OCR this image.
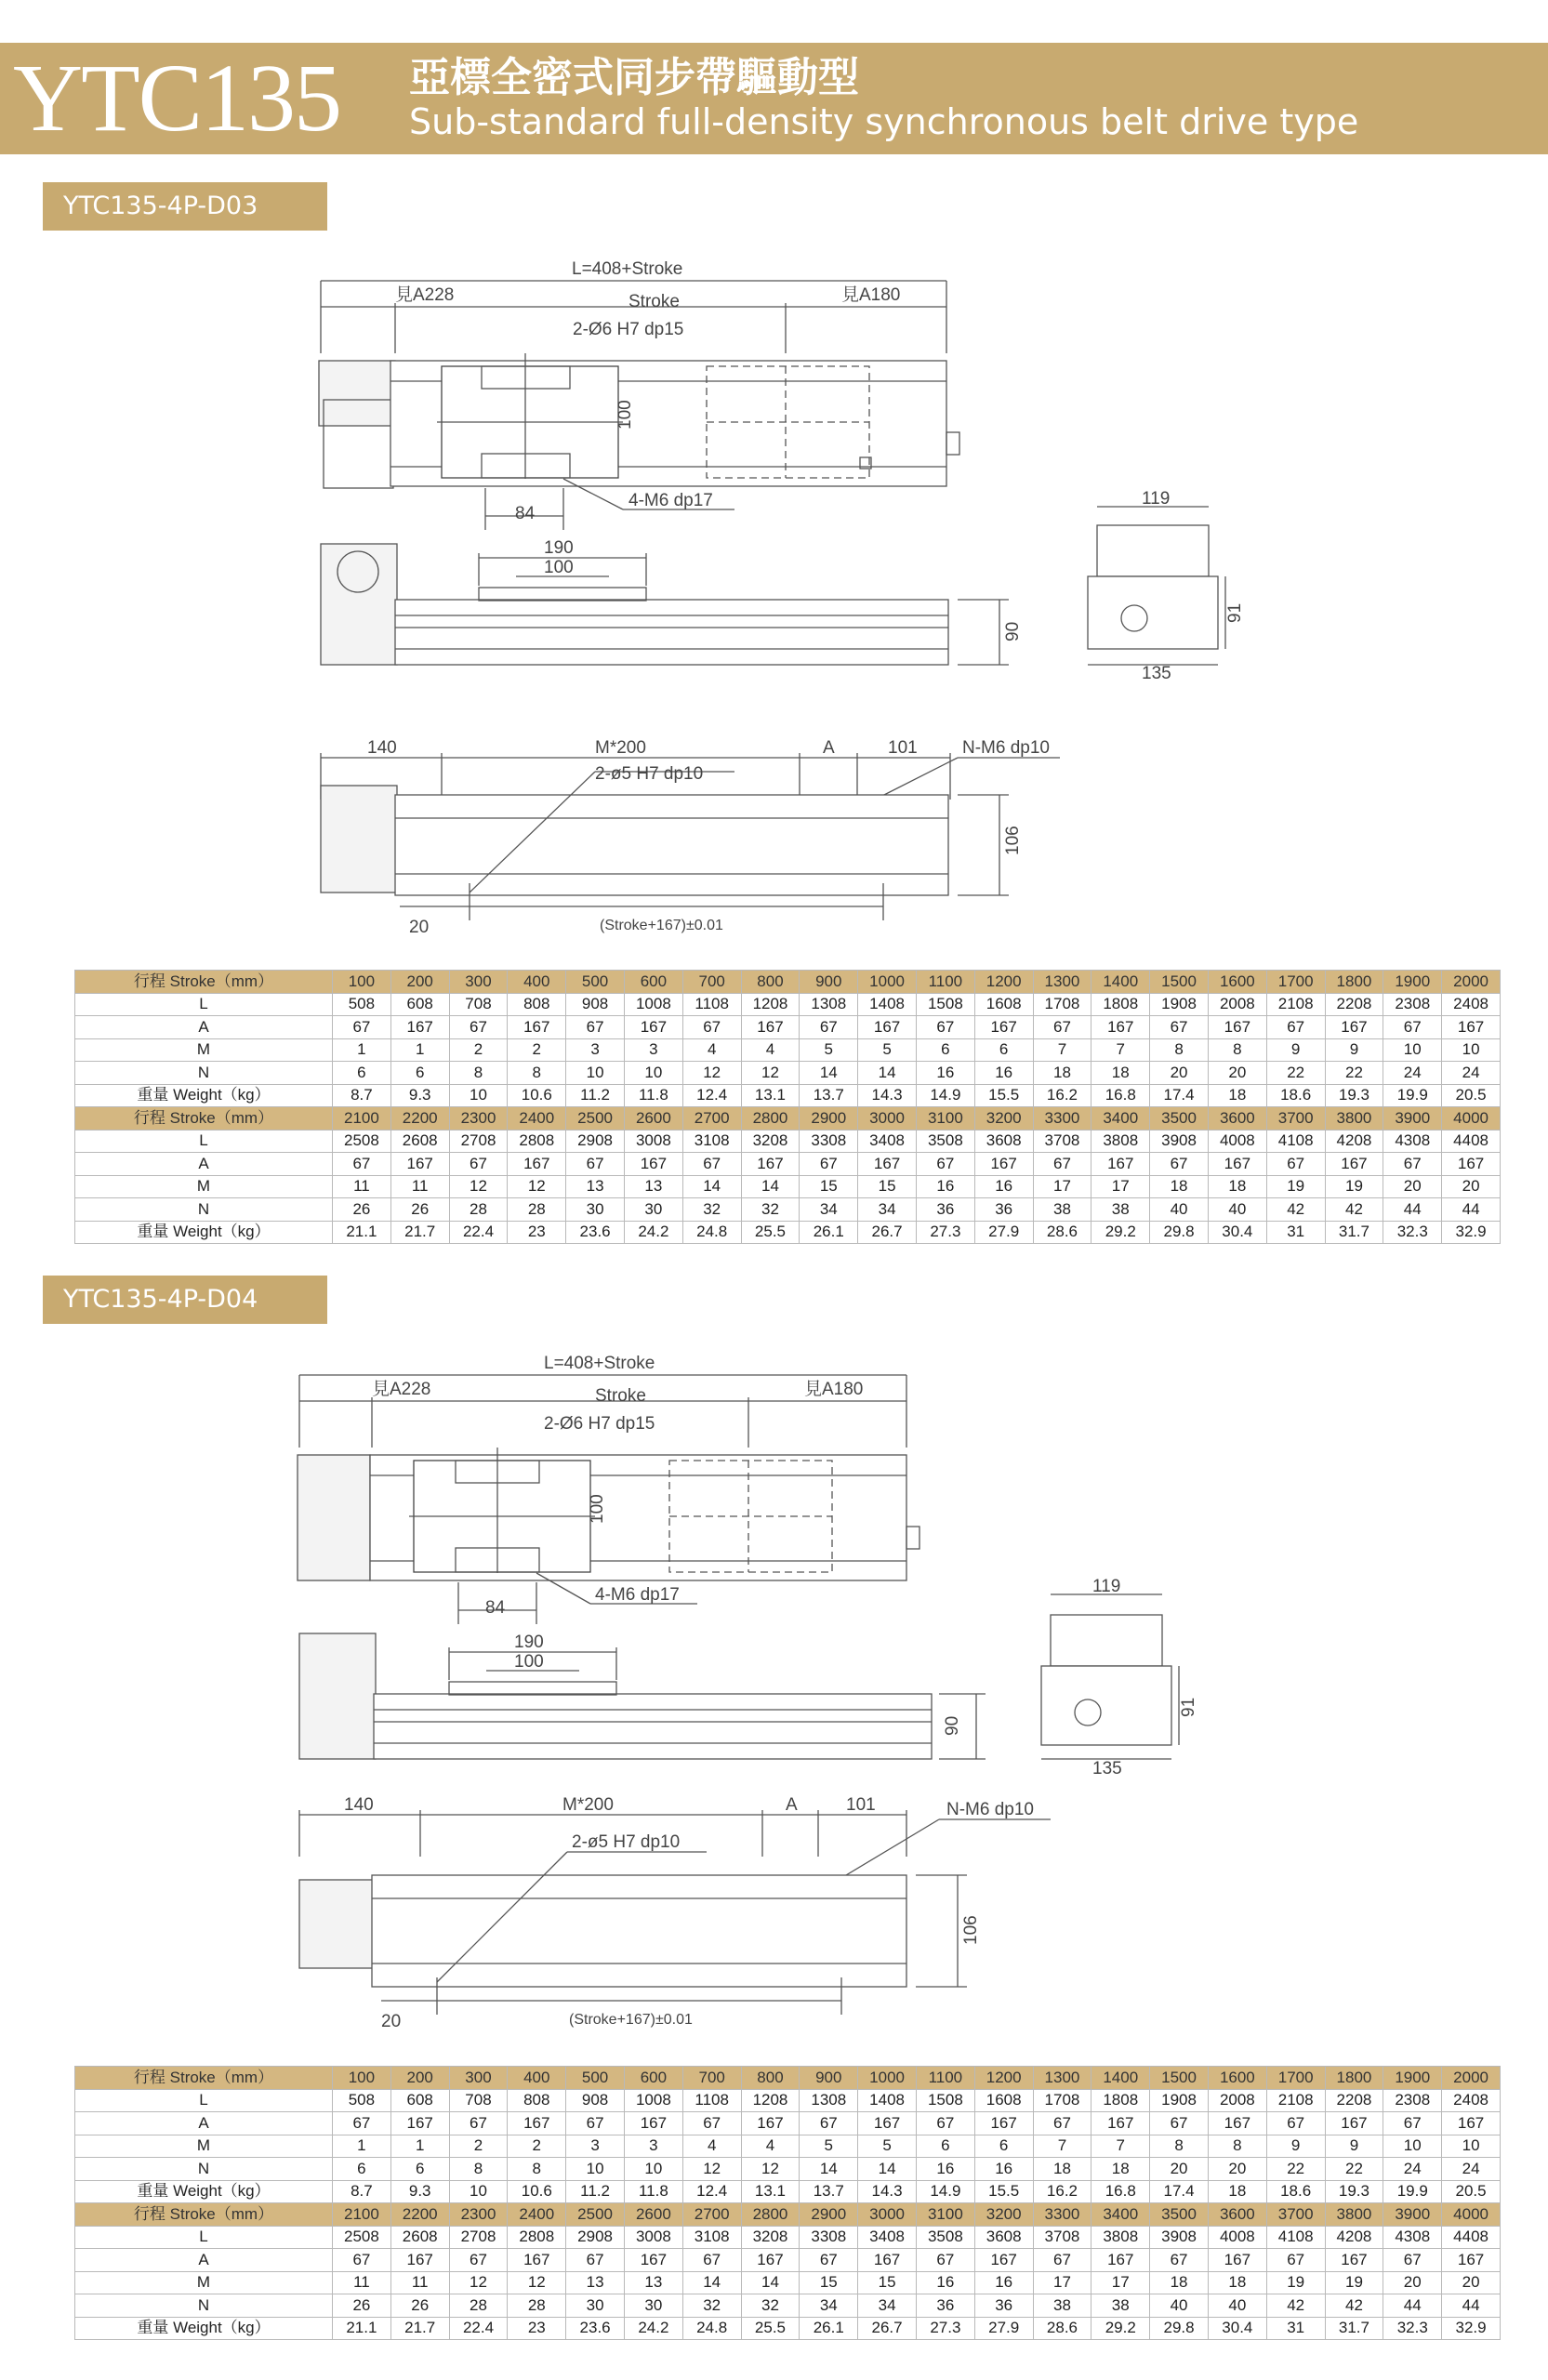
YTC135 亞標全密式同步帶驅動型
Sub-standard full-density synchronous belt drive type
YTC135-4P-D03
L=408+Stroke
見A228	Stroke	見A180
2-Ø6 H7 dp15
100
84
4-M6 dp17
190
100
90
119
135
91
140	M*200	A	101	N-M6 dp10
2-ø5 H7 dp10
106
20	(Stroke+167)±0.01
行程 Stroke（mm）	100	200	300	400	500	600	700	800	900	1000	1100	1200	1300	1400	1500	1600	1700	1800	1900	2000
L	508	608	708	808	908	1008	1108	1208	1308	1408	1508	1608	1708	1808	1908	2008	2108	2208	2308	2408
A	67	167	67	167	67	167	67	167	67	167	67	167	67	167	67	167	67	167	67	167
M	1	1	2	2	3	3	4	4	5	5	6	6	7	7	8	8	9	9	10	10
N	6	6	8	8	10	10	12	12	14	14	16	16	18	18	20	20	22	22	24	24
重量 Weight（kg）	8.7	9.3	10	10.6	11.2	11.8	12.4	13.1	13.7	14.3	14.9	15.5	16.2	16.8	17.4	18	18.6	19.3	19.9	20.5
行程 Stroke（mm）	2100	2200	2300	2400	2500	2600	2700	2800	2900	3000	3100	3200	3300	3400	3500	3600	3700	3800	3900	4000
L	2508	2608	2708	2808	2908	3008	3108	3208	3308	3408	3508	3608	3708	3808	3908	4008	4108	4208	4308	4408
A	67	167	67	167	67	167	67	167	67	167	67	167	67	167	67	167	67	167	67	167
M	11	11	12	12	13	13	14	14	15	15	16	16	17	17	18	18	19	19	20	20
N	26	26	28	28	30	30	32	32	34	34	36	36	38	38	40	40	42	42	44	44
重量 Weight（kg）	21.1	21.7	22.4	23	23.6	24.2	24.8	25.5	26.1	26.7	27.3	27.9	28.6	29.2	29.8	30.4	31	31.7	32.3	32.9
YTC135-4P-D04
L=408+Stroke
見A228	Stroke	見A180
2-Ø6 H7 dp15
100
84
4-M6 dp17
190
100
90
119
135
91
140	M*200	A	101	N-M6 dp10
2-ø5 H7 dp10
106
20	(Stroke+167)±0.01
行程 Stroke（mm）	100	200	300	400	500	600	700	800	900	1000	1100	1200	1300	1400	1500	1600	1700	1800	1900	2000
L	508	608	708	808	908	1008	1108	1208	1308	1408	1508	1608	1708	1808	1908	2008	2108	2208	2308	2408
A	67	167	67	167	67	167	67	167	67	167	67	167	67	167	67	167	67	167	67	167
M	1	1	2	2	3	3	4	4	5	5	6	6	7	7	8	8	9	9	10	10
N	6	6	8	8	10	10	12	12	14	14	16	16	18	18	20	20	22	22	24	24
重量 Weight（kg）	8.7	9.3	10	10.6	11.2	11.8	12.4	13.1	13.7	14.3	14.9	15.5	16.2	16.8	17.4	18	18.6	19.3	19.9	20.5
行程 Stroke（mm）	2100	2200	2300	2400	2500	2600	2700	2800	2900	3000	3100	3200	3300	3400	3500	3600	3700	3800	3900	4000
L	2508	2608	2708	2808	2908	3008	3108	3208	3308	3408	3508	3608	3708	3808	3908	4008	4108	4208	4308	4408
A	67	167	67	167	67	167	67	167	67	167	67	167	67	167	67	167	67	167	67	167
M	11	11	12	12	13	13	14	14	15	15	16	16	17	17	18	18	19	19	20	20
N	26	26	28	28	30	30	32	32	34	34	36	36	38	38	40	40	42	42	44	44
重量 Weight（kg）	21.1	21.7	22.4	23	23.6	24.2	24.8	25.5	26.1	26.7	27.3	27.9	28.6	29.2	29.8	30.4	31	31.7	32.3	32.9
